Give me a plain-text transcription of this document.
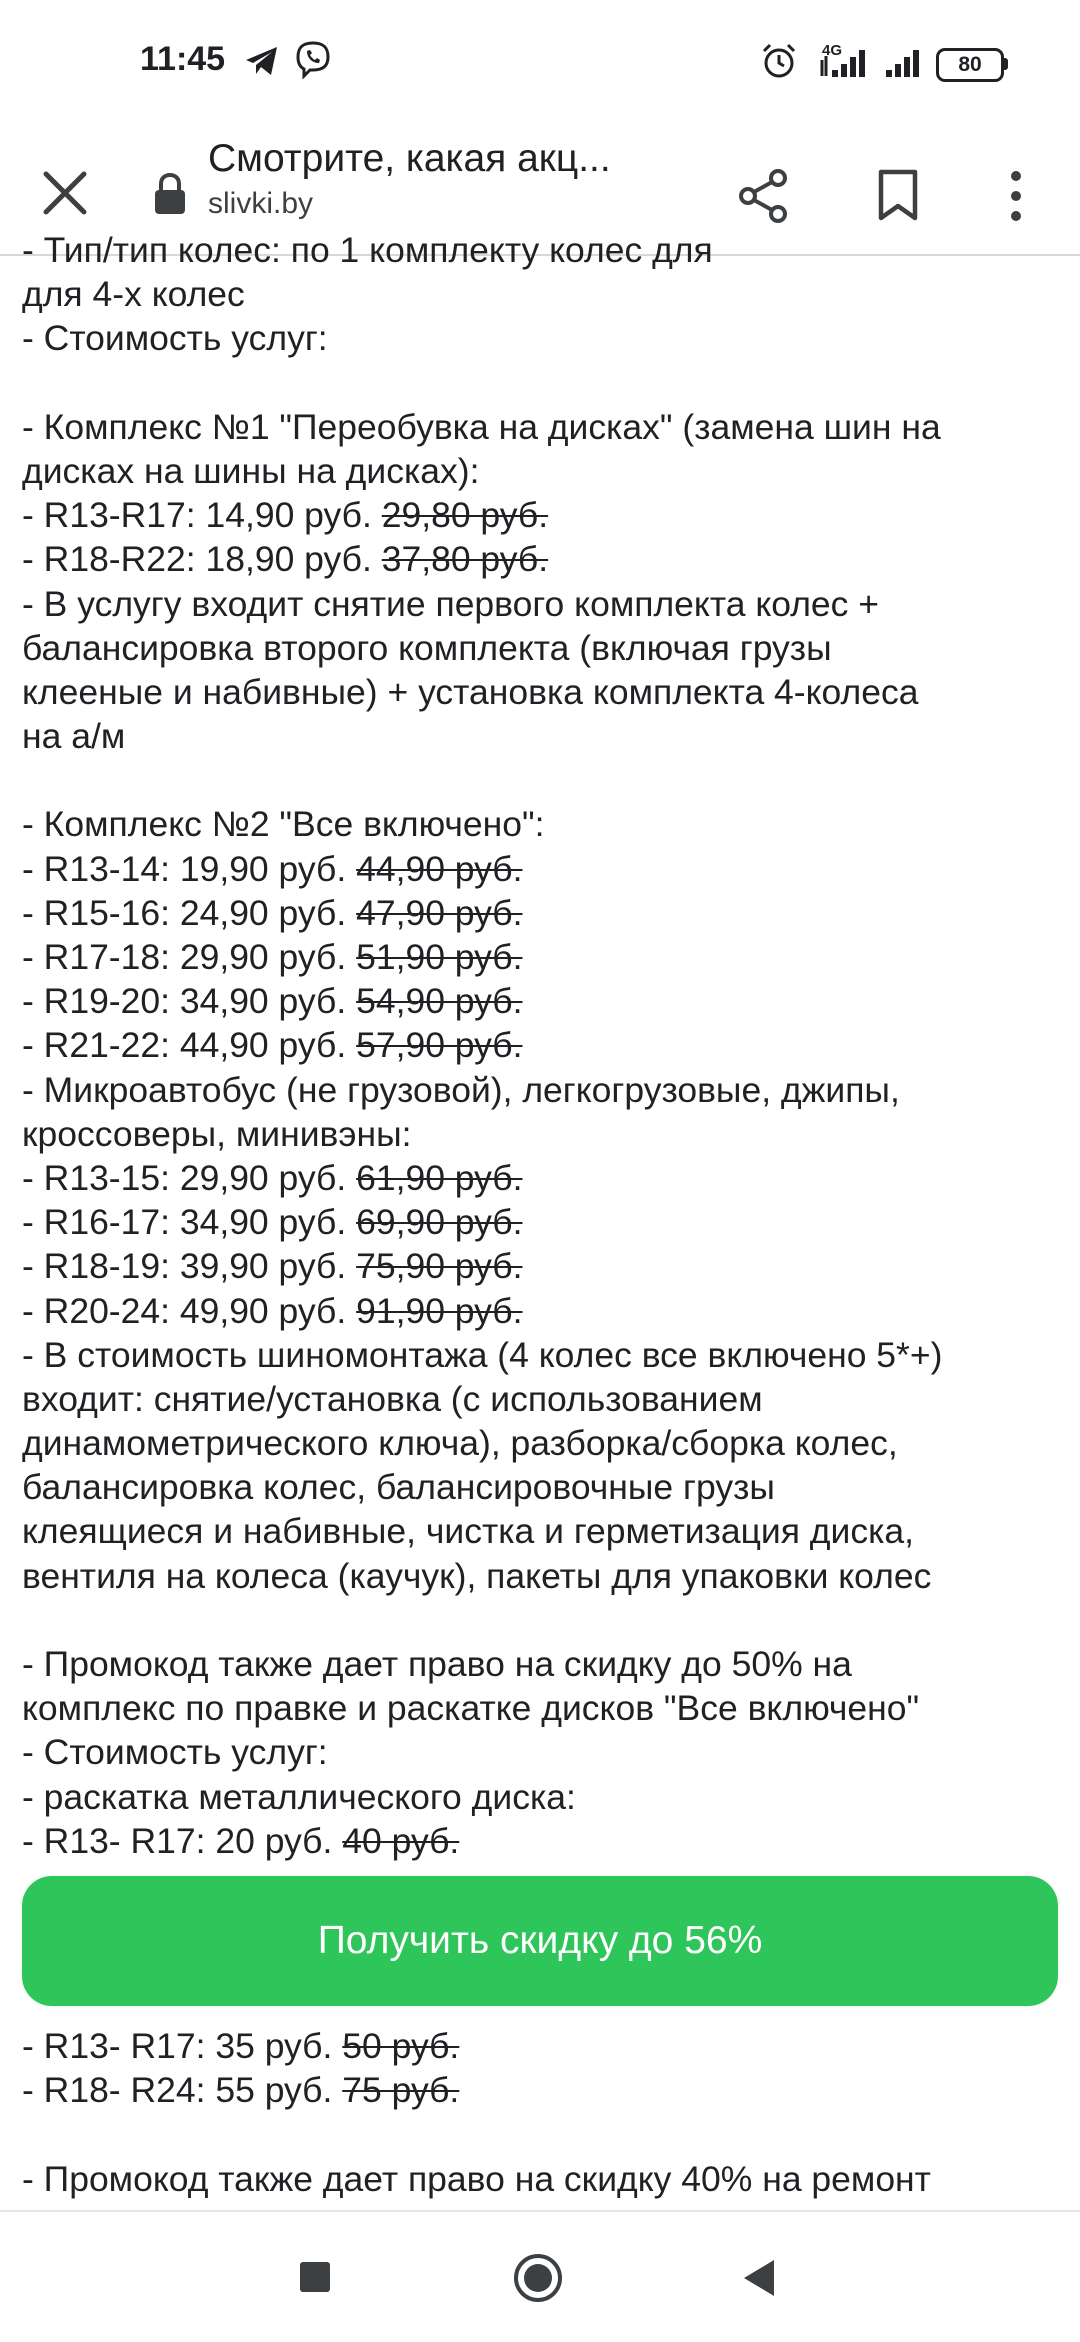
11:45	4G
80
Смотрите, какая акц...
slivki.by
- Тип/тип колес: по 1 комплекту колес для
для 4-х колес
- Стоимость услуг:
- Комплекс №1 "Переобувка на дисках" (замена шин на
дисках на шины на дисках):
- R13-R17: 14,90 руб. 29,80 руб.
- R18-R22: 18,90 руб. 37,80 руб.
- В услугу входит снятие первого комплекта колес +
балансировка второго комплекта (включая грузы
клееные и набивные) + установка комплекта 4-колеса
на а/м
- Комплекс №2 "Все включено":
- R13-14: 19,90 руб. 44,90 руб.
- R15-16: 24,90 руб. 47,90 руб.
- R17-18: 29,90 руб. 51,90 руб.
- R19-20: 34,90 руб. 54,90 руб.
- R21-22: 44,90 руб. 57,90 руб.
- Микроавтобус (не грузовой), легкогрузовые, джипы,
кроссоверы, минивэны:
- R13-15: 29,90 руб. 61,90 руб.
- R16-17: 34,90 руб. 69,90 руб.
- R18-19: 39,90 руб. 75,90 руб.
- R20-24: 49,90 руб. 91,90 руб.
- В стоимость шиномонтажа (4 колес все включено 5*+)
входит: снятие/установка (с использованием
динамометрического ключа), разборка/сборка колес,
балансировка колес, балансировочные грузы
клеящиеся и набивные, чистка и герметизация диска,
вентиля на колеса (каучук), пакеты для упаковки колес
- Промокод также дает право на скидку до 50% на
комплекс по правке и раскатке дисков "Все включено"
- Стоимость услуг:
- раскатка металлического диска:
- R13- R17: 20 руб. 40 руб.
Получить скидку до 56%
- R13- R17: 35 руб. 50 руб.
- R18- R24: 55 руб. 75 руб.
- Промокод также дает право на скидку 40% на ремонт
